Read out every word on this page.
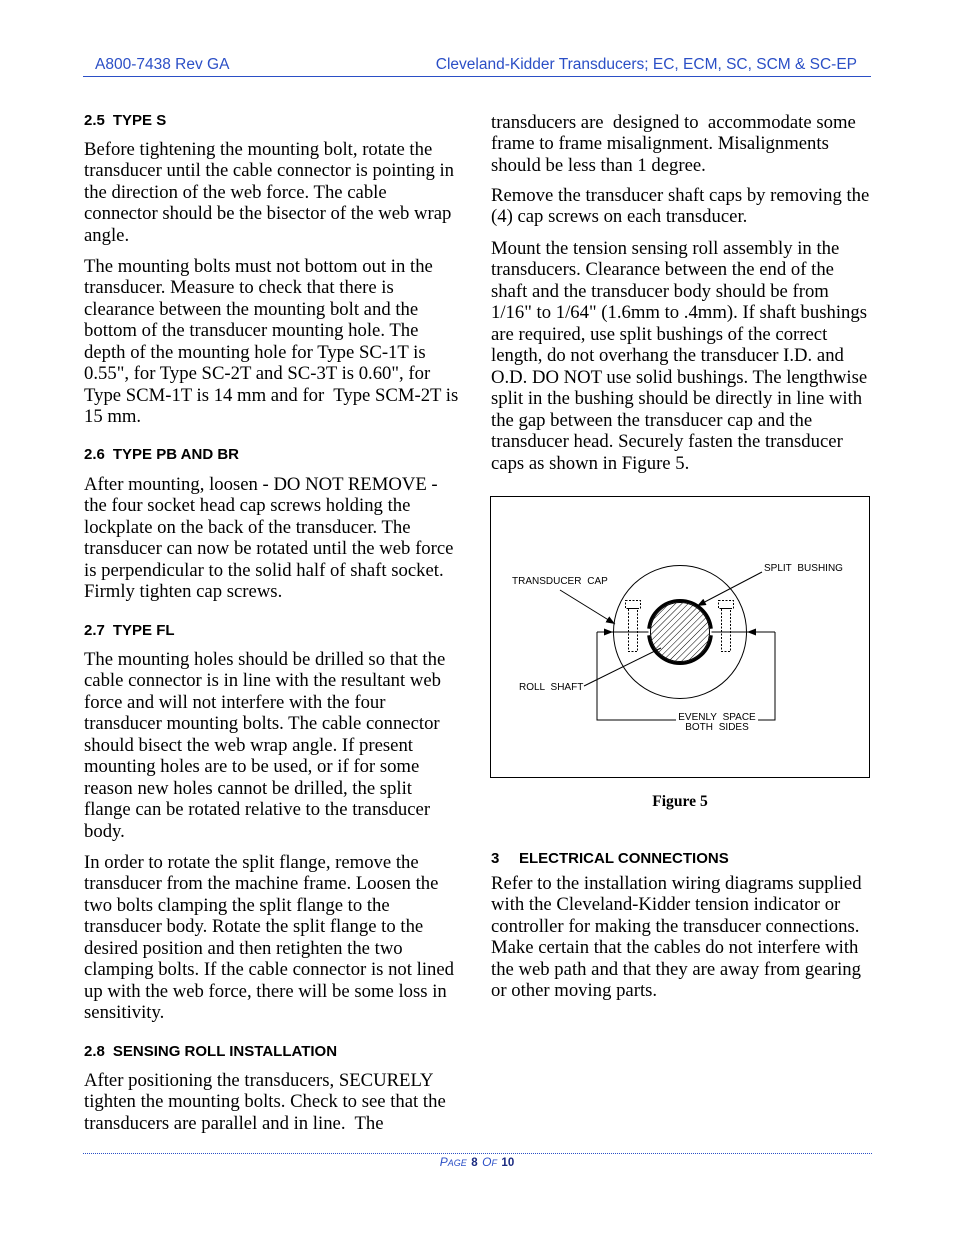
A800-7438 Rev GA	Cleveland-Kidder Transducers; EC, ECM, SC, SCM & SC-EP
2.5 TYPE S
Before tightening the mounting bolt, rotate the
transducer until the cable connector is pointing in
the direction of the web force. The cable
connector should be the bisector of the web wrap
angle.
The mounting bolts must not bottom out in the
transducer. Measure to check that there is
clearance between the mounting bolt and the
bottom of the transducer mounting hole. The
depth of the mounting hole for Type SC-1T is
0.55", for Type SC-2T and SC-3T is 0.60", for
Type SCM-1T is 14 mm and for  Type SCM-2T is
15 mm.
2.6 TYPE PB AND BR
After mounting, loosen - DO NOT REMOVE -
the four socket head cap screws holding the
lockplate on the back of the transducer. The
transducer can now be rotated until the web force
is perpendicular to the solid half of shaft socket.
Firmly tighten cap screws.
2.7 TYPE FL
The mounting holes should be drilled so that the
cable connector is in line with the resultant web
force and will not interfere with the four
transducer mounting bolts. The cable connector
should bisect the web wrap angle. If present
mounting holes are to be used, or if for some
reason new holes cannot be drilled, the split
flange can be rotated relative to the transducer
body.
In order to rotate the split flange, remove the
transducer from the machine frame. Loosen the
two bolts clamping the split flange to the
transducer body. Rotate the split flange to the
desired position and then retighten the two
clamping bolts. If the cable connector is not lined
up with the web force, there will be some loss in
sensitivity.
2.8 SENSING ROLL INSTALLATION
After positioning the transducers, SECURELY
tighten the mounting bolts. Check to see that the
transducers are parallel and in line.  The
transducers are  designed to  accommodate some
frame to frame misalignment. Misalignments
should be less than 1 degree.
Remove the transducer shaft caps by removing the
(4) cap screws on each transducer.
Mount the tension sensing roll assembly in the
transducers. Clearance between the end of the
shaft and the transducer body should be from
1/16" to 1/64" (1.6mm to .4mm). If shaft bushings
are required, use split bushings of the correct
length, do not overhang the transducer I.D. and
O.D. DO NOT use solid bushings. The lengthwise
split in the bushing should be directly in line with
the gap between the transducer cap and the
transducer head. Securely fasten the transducer
caps as shown in Figure 5.
TRANSDUCER CAP
SPLIT BUSHING
ROLL SHAFT
EVENLY SPACE
BOTH SIDES
Figure 5
3 ELECTRICAL CONNECTIONS
Refer to the installation wiring diagrams supplied
with the Cleveland-Kidder tension indicator or
controller for making the transducer connections.
Make certain that the cables do not interfere with
the web path and that they are away from gearing
or other moving parts.
PAGE 8 OF 10
